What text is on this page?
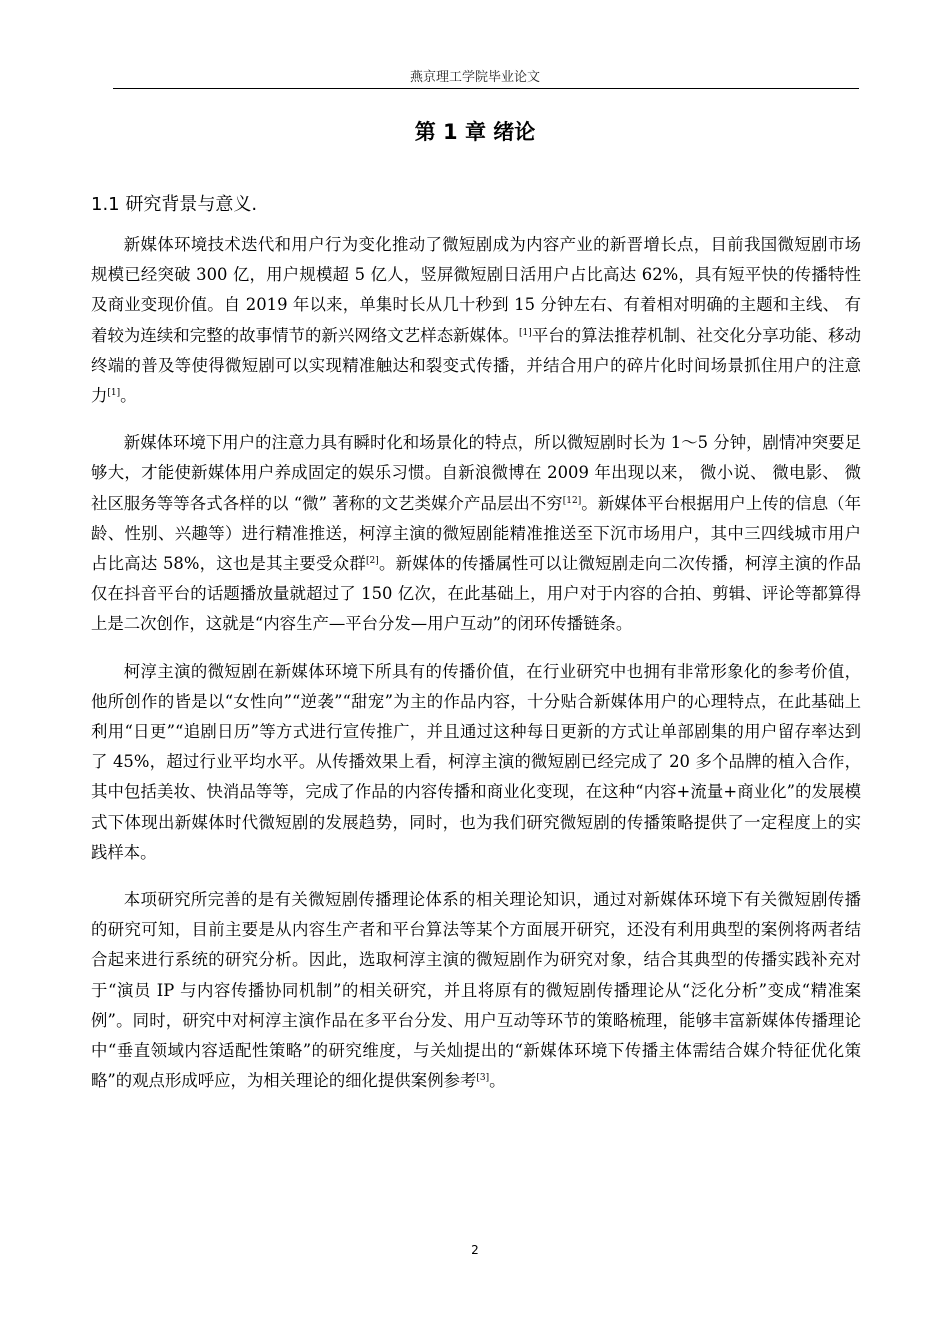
燕京理工学院毕业论文
第 1 章 绪论
1.1 研究背景与意义.

新媒体环境技术迭代和用户行为变化推动了微短剧成为内容产业的新晋增长点，目前我国微短剧市场规模已经突破 300 亿，用户规模超 5 亿人，竖屏微短剧日活用户占比高达 62%，具有短平快的传播特性及商业变现价值。自 2019 年以来，单集时长从几十秒到 15 分钟左右、有着相对明确的主题和主线、 有着较为连续和完整的故事情节的新兴网络文艺样态新媒体。[1]平台的算法推荐机制、社交化分享功能、移动终端的普及等使得微短剧可以实现精准触达和裂变式传播，并结合用户的碎片化时间场景抓住用户的注意力[1]。

新媒体环境下用户的注意力具有瞬时化和场景化的特点，所以微短剧时长为 1～5 分钟，剧情冲突要足够大，才能使新媒体用户养成固定的娱乐习惯。自新浪微博在 2009 年出现以来， 微小说、 微电影、 微社区服务等等各式各样的以 “微” 著称的文艺类媒介产品层出不穷[12]。新媒体平台根据用户上传的信息（年龄、性别、兴趣等）进行精准推送，柯淳主演的微短剧能精准推送至下沉市场用户，其中三四线城市用户占比高达 58%，这也是其主要受众群[2]。新媒体的传播属性可以让微短剧走向二次传播，柯淳主演的作品仅在抖音平台的话题播放量就超过了 150 亿次，在此基础上，用户对于内容的合拍、剪辑、评论等都算得上是二次创作，这就是“内容生产—平台分发—用户互动”的闭环传播链条。

柯淳主演的微短剧在新媒体环境下所具有的传播价值，在行业研究中也拥有非常形象化的参考价值，他所创作的皆是以“女性向”“逆袭”“甜宠”为主的作品内容，十分贴合新媒体用户的心理特点，在此基础上利用“日更”“追剧日历”等方式进行宣传推广，并且通过这种每日更新的方式让单部剧集的用户留存率达到了 45%，超过行业平均水平。从传播效果上看，柯淳主演的微短剧已经完成了 20 多个品牌的植入合作，其中包括美妆、快消品等等，完成了作品的内容传播和商业化变现，在这种“内容+流量+商业化”的发展模式下体现出新媒体时代微短剧的发展趋势，同时，也为我们研究微短剧的传播策略提供了一定程度上的实践样本。

本项研究所完善的是有关微短剧传播理论体系的相关理论知识，通过对新媒体环境下有关微短剧传播的研究可知，目前主要是从内容生产者和平台算法等某个方面展开研究，还没有利用典型的案例将两者结合起来进行系统的研究分析。因此，选取柯淳主演的微短剧作为研究对象，结合其典型的传播实践补充对于“演员 IP 与内容传播协同机制”的相关研究，并且将原有的微短剧传播理论从“泛化分析”变成“精准案例”。同时，研究中对柯淳主演作品在多平台分发、用户互动等环节的策略梳理，能够丰富新媒体传播理论中“垂直领域内容适配性策略”的研究维度，与关灿提出的“新媒体环境下传播主体需结合媒介特征优化策略”的观点形成呼应，为相关理论的细化提供案例参考[3]。

2
